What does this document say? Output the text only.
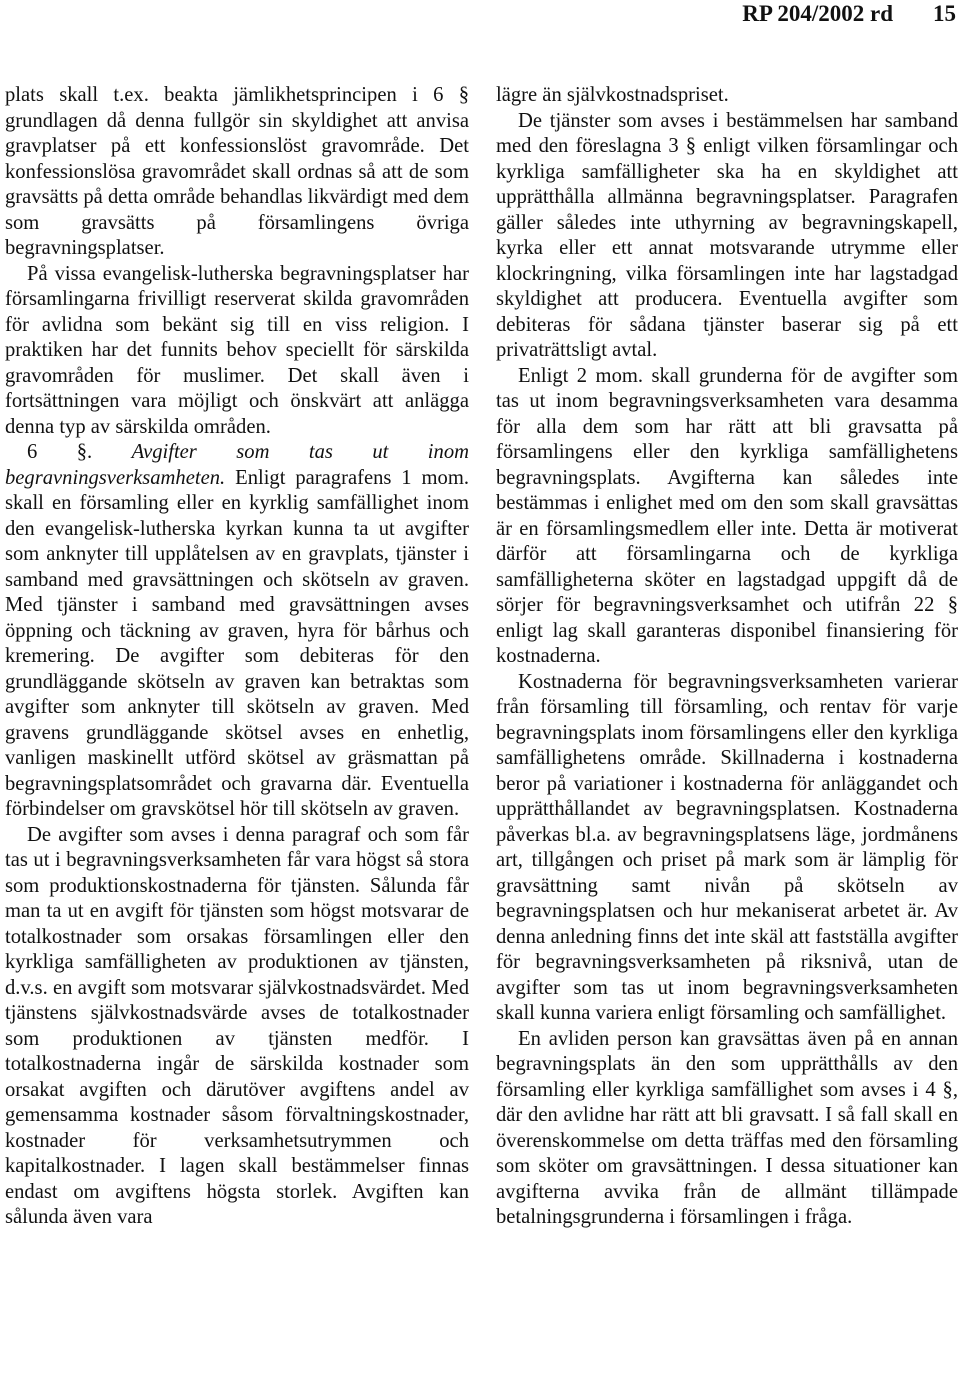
RP 204/2002 rd 15

plats skall t.ex. beakta jämlikhetsprincipen i 6 § grundlagen då denna fullgör sin skyldighet att anvisa gravplatser på ett konfessionslöst gravområde. Det konfessionslösa gravområdet skall ordnas så att de som gravsätts på detta område behandlas likvärdigt med dem som gravsätts på församlingens övriga begravningsplatser.

På vissa evangelisk-lutherska begravningsplatser har församlingarna frivilligt reserverat skilda gravområden för avlidna som bekänt sig till en viss religion. I praktiken har det funnits behov speciellt för särskilda gravområden för muslimer. Det skall även i fortsättningen vara möjligt och önskvärt att anlägga denna typ av särskilda områden.

6 §. Avgifter som tas ut inom begravningsverksamheten. Enligt paragrafens 1 mom. skall en församling eller en kyrklig samfällighet inom den evangelisk-lutherska kyrkan kunna ta ut avgifter som anknyter till upplåtelsen av en gravplats, tjänster i samband med gravsättningen och skötseln av graven. Med tjänster i samband med gravsättningen avses öppning och täckning av graven, hyra för bårhus och kremering. De avgifter som debiteras för den grundläggande skötseln av graven kan betraktas som avgifter som anknyter till skötseln av graven. Med gravens grundläggande skötsel avses en enhetlig, vanligen maskinellt utförd skötsel av gräsmattan på begravningsplatsområdet och gravarna där. Eventuella förbindelser om gravskötsel hör till skötseln av graven.

De avgifter som avses i denna paragraf och som får tas ut i begravningsverksamheten får vara högst så stora som produktionskostnaderna för tjänsten. Sålunda får man ta ut en avgift för tjänsten som högst motsvarar de totalkostnader som orsakas församlingen eller den kyrkliga samfälligheten av produktionen av tjänsten, d.v.s. en avgift som motsvarar självkostnadsvärdet. Med tjänstens självkostnadsvärde avses de totalkostnader som produktionen av tjänsten medför. I totalkostnaderna ingår de särskilda kostnader som orsakat avgiften och därutöver avgiftens andel av gemensamma kostnader såsom förvaltningskostnader, kostnader för verksamhetsutrymmen och kapitalkostnader. I lagen skall bestämmelser finnas endast om avgiftens högsta storlek. Avgiften kan sålunda även vara

lägre än självkostnadspriset.

De tjänster som avses i bestämmelsen har samband med den föreslagna 3 § enligt vilken församlingar och kyrkliga samfälligheter ska ha en skyldighet att upprätthålla allmänna begravningsplatser. Paragrafen gäller således inte uthyrning av begravningskapell, kyrka eller ett annat motsvarande utrymme eller klockringning, vilka församlingen inte har lagstadgad skyldighet att producera. Eventuella avgifter som debiteras för sådana tjänster baserar sig på ett privaträttsligt avtal.

Enligt 2 mom. skall grunderna för de avgifter som tas ut inom begravningsverksamheten vara desamma för alla dem som har rätt att bli gravsatta på församlingens eller den kyrkliga samfällighetens begravningsplats. Avgifterna kan således inte bestämmas i enlighet med om den som skall gravsättas är en församlingsmedlem eller inte. Detta är motiverat därför att församlingarna och de kyrkliga samfälligheterna sköter en lagstadgad uppgift då de sörjer för begravningsverksamhet och utifrån 22 § enligt lag skall garanteras disponibel finansiering för kostnaderna.

Kostnaderna för begravningsverksamheten varierar från församling till församling, och rentav för varje begravningsplats inom församlingens eller den kyrkliga samfällighetens område. Skillnaderna i kostnaderna beror på variationer i kostnaderna för anläggandet och upprätthållandet av begravningsplatsen. Kostnaderna påverkas bl.a. av begravningsplatsens läge, jordmånens art, tillgången och priset på mark som är lämplig för gravsättning samt nivån på skötseln av begravningsplatsen och hur mekaniserat arbetet är. Av denna anledning finns det inte skäl att fastställa avgifter för begravningsverksamheten på riksnivå, utan de avgifter som tas ut inom begravningsverksamheten skall kunna variera enligt församling och samfällighet.

En avliden person kan gravsättas även på en annan begravningsplats än den som upprätthålls av den församling eller kyrkliga samfällighet som avses i 4 §, där den avlidne har rätt att bli gravsatt. I så fall skall en överenskommelse om detta träffas med den församling som sköter om gravsättningen. I dessa situationer kan avgifterna avvika från de allmänt tillämpade betalningsgrunderna i församlingen i fråga.
